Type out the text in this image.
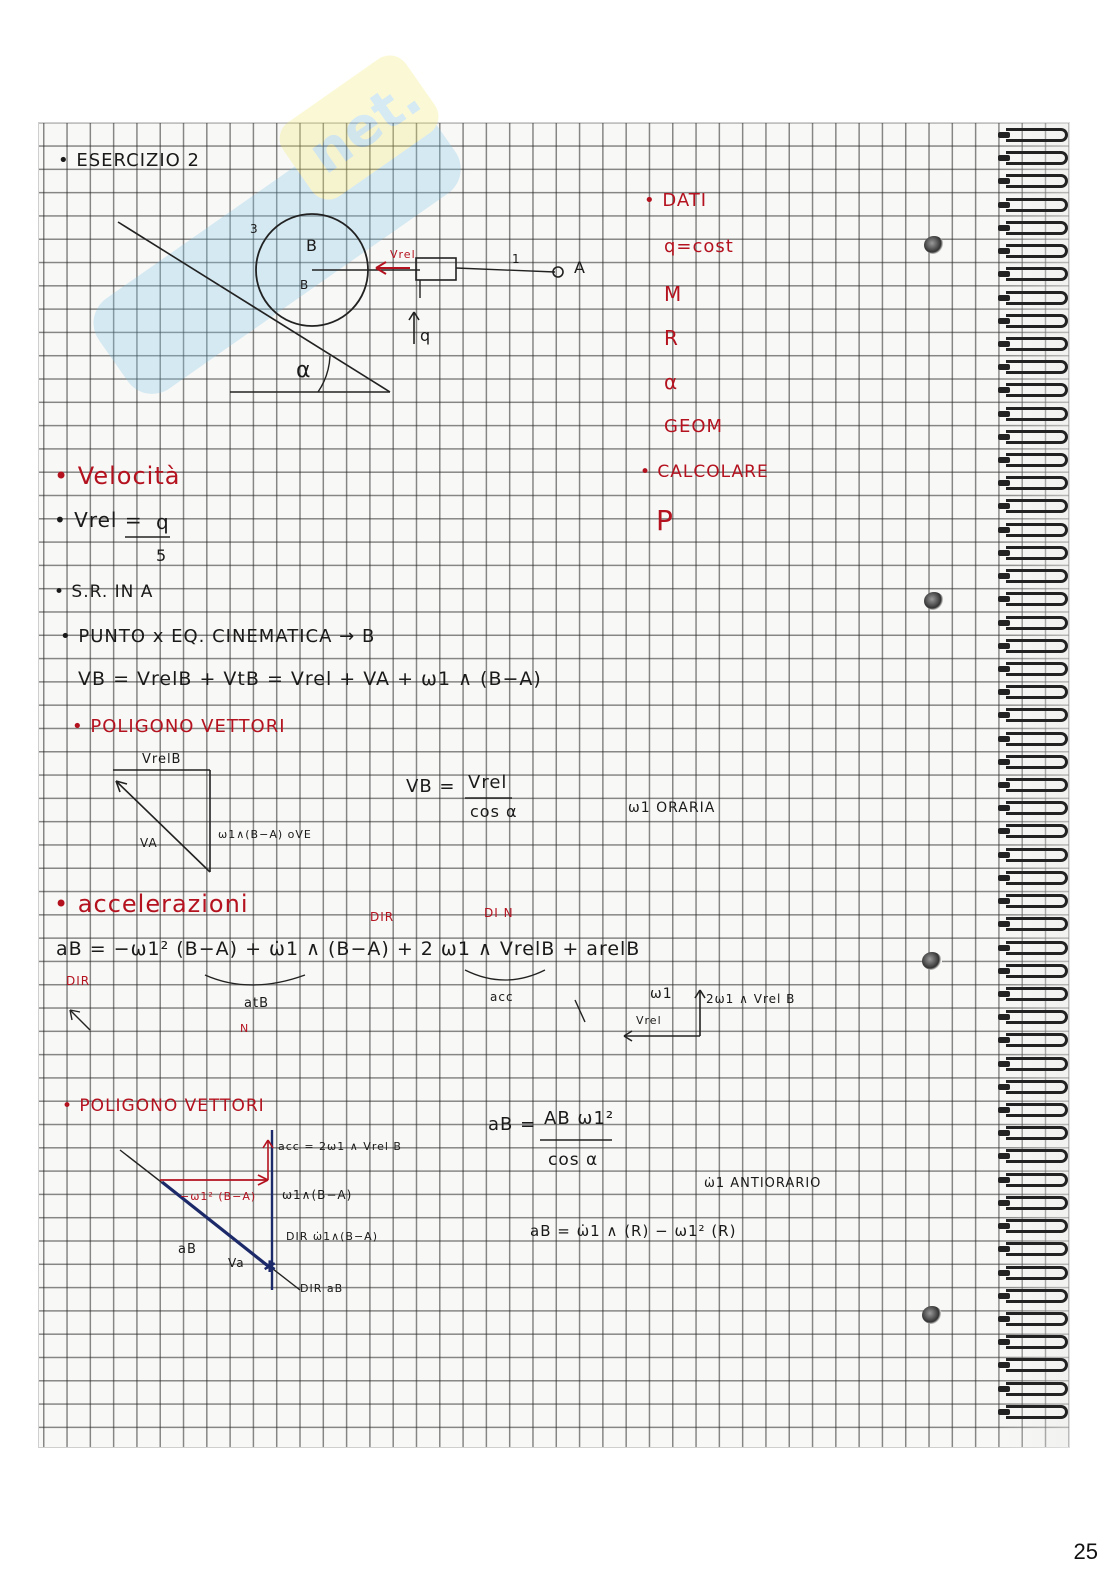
net.
✱
• ESERCIZIO 2
3
B
B
Vrel	1	A
q
α
• DATI
q=cost
M
R
α
GEOM
• CALCOLARE
P
• Velocità
• Vrel = q
5
• S.R. IN A
• PUNTO x EQ. CINEMATICA → B
VB = VrelB + VtB = Vrel + VA + ω1 ∧ (B−A)
• POLIGONO VETTORI
VrelB
VA
ω1∧(B−A) oVE
VB = Vrel
cos α	ω1 ORARIA
• accelerazioni	DIR	DI N
aB = −ω1² (B−A) + ω̇1 ∧ (B−A) + 2 ω1 ∧ VrelB + arelB
atB
N
acc
DIR
ω1
Vrel
2ω1 ∧ Vrel B
• POLIGONO VETTORI
acc = 2ω1 ∧ Vrel B
−ω1² (B−A) ω1∧(B−A)
DIR ω̇1∧(B−A)
aB
Va
DIR aB
aB = AB ω1²
cos α
ω̇1 ANTIORARIO
aB = ω̇1 ∧ (R) − ω1² (R)
25
